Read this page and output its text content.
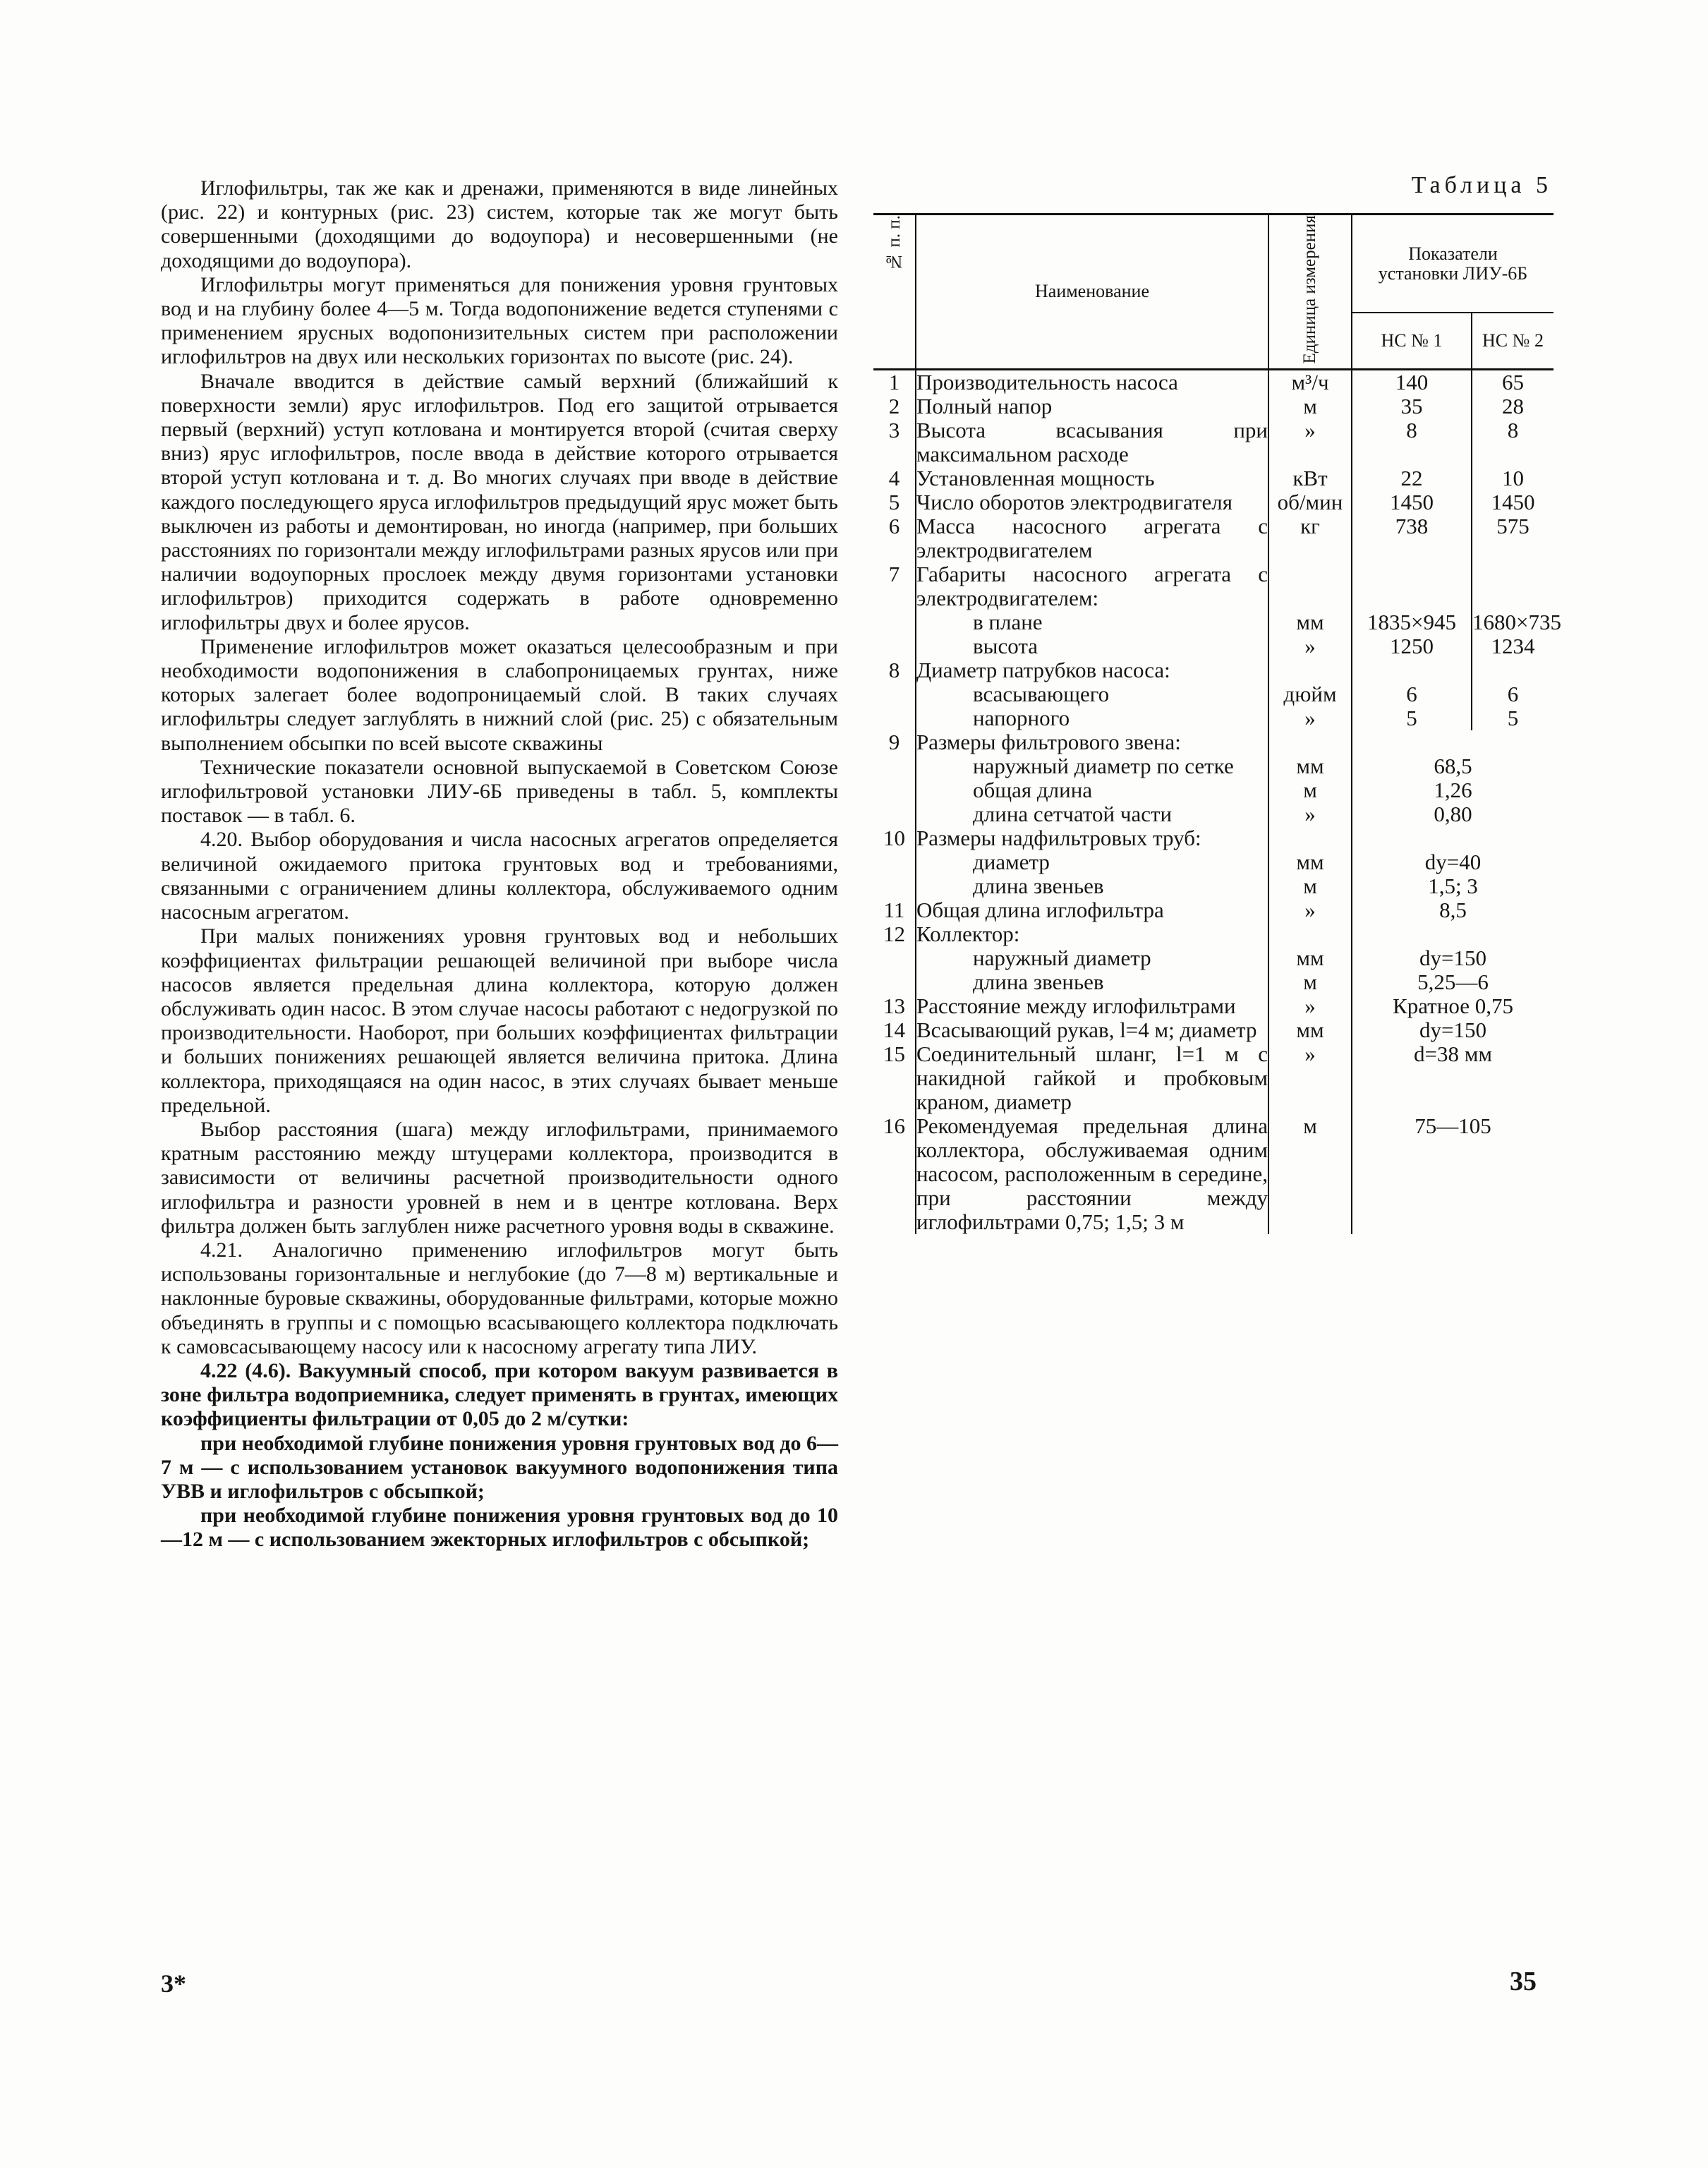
Иглофильтры, так же как и дренажи, применяются в виде линейных (рис. 22) и контурных (рис. 23) систем, которые так же могут быть совершенными (доходящими до водоупора) и несовершенными (не доходящими до водоупора).

Иглофильтры могут применяться для понижения уровня грунтовых вод и на глубину более 4—5 м. Тогда водопонижение ведется ступенями с применением ярусных водопонизительных систем при расположении иглофильтров на двух или нескольких горизонтах по высоте (рис. 24).

Вначале вводится в действие самый верхний (ближайший к поверхности земли) ярус иглофильтров. Под его защитой отрывается первый (верхний) уступ котлована и монтируется второй (считая сверху вниз) ярус иглофильтров, после ввода в действие которого отрывается второй уступ котлована и т. д. Во многих случаях при вводе в действие каждого последующего яруса иглофильтров предыдущий ярус может быть выключен из работы и демонтирован, но иногда (например, при больших расстояниях по горизонтали между иглофильтрами разных ярусов или при наличии водоупорных прослоек между двумя горизонтами установки иглофильтров) приходится содержать в работе одновременно иглофильтры двух и более ярусов.

Применение иглофильтров может оказаться целесообразным и при необходимости водопонижения в слабопроницаемых грунтах, ниже которых залегает более водопроницаемый слой. В таких случаях иглофильтры следует заглублять в нижний слой (рис. 25) с обязательным выполнением обсыпки по всей высоте скважины

Технические показатели основной выпускаемой в Советском Союзе иглофильтровой установки ЛИУ-6Б приведены в табл. 5, комплекты поставок — в табл. 6.

4.20. Выбор оборудования и числа насосных агрегатов определяется величиной ожидаемого притока грунтовых вод и требованиями, связанными с ограничением длины коллектора, обслуживаемого одним насосным агрегатом.

При малых понижениях уровня грунтовых вод и небольших коэффициентах фильтрации решающей величиной при выборе числа насосов является предельная длина коллектора, которую должен обслуживать один насос. В этом случае насосы работают с недогрузкой по производительности. Наоборот, при больших коэффициентах фильтрации и больших понижениях решающей является величина притока. Длина коллектора, приходящаяся на один насос, в этих случаях бывает меньше предельной.

Выбор расстояния (шага) между иглофильтрами, принимаемого кратным расстоянию между штуцерами коллектора, производится в зависимости от величины расчетной производительности одного иглофильтра и разности уровней в нем и в центре котлована. Верх фильтра должен быть заглублен ниже расчетного уровня воды в скважине.

4.21. Аналогично применению иглофильтров могут быть использованы горизонтальные и неглубокие (до 7—8 м) вертикальные и наклонные буровые скважины, оборудованные фильтрами, которые можно объединять в группы и с помощью всасывающего коллектора подключать к самовсасывающему насосу или к насосному агрегату типа ЛИУ.

4.22 (4.6). Вакуумный способ, при котором вакуум развивается в зоне фильтра водоприемника, следует применять в грунтах, имеющих коэффициенты фильтрации от 0,05 до 2 м/сутки:

при необходимой глубине понижения уровня грунтовых вод до 6—7 м — с использованием установок вакуумного водопонижения типа УВВ и иглофильтров с обсыпкой;

при необходимой глубине понижения уровня грунтовых вод до 10—12 м — с использованием эжекторных иглофильтров с обсыпкой;

Таблица 5
№ п. п.	Наименование	Единица измерения	Показатели установки ЛИУ-6Б	
			НС № 1	НС № 2
1	Производительность насоса	м³/ч	140	65
2	Полный напор	м	35	28
3	Высота всасывания при максимальном расходе	»	8	8
4	Установленная мощность	кВт	22	10
5	Число оборотов электродвигателя	об/мин	1450	1450
6	Масса насосного агрегата с электродвигателем	кг	738	575
7	Габариты насосного агрегата с электродвигателем:			
	в плане	мм	1835×945	1680×735
	высота	»	1250	1234
8	Диаметр патрубков насоса:			
	всасывающего	дюйм	6	6
	напорного	»	5	5
9	Размеры фильтрового звена:			
	наружный диаметр по сетке	мм	68,5	
	общая длина	м	1,26	
	длина сетчатой части	»	0,80	
10	Размеры надфильтровых труб:			
	диаметр	мм	dy=40	
	длина звеньев	м	1,5; 3	
11	Общая длина иглофильтра	»	8,5	
12	Коллектор:			
	наружный диаметр	мм	dy=150	
	длина звеньев	м	5,25—6	
13	Расстояние между иглофильтрами	»	Кратное 0,75	
14	Всасывающий рукав, l=4 м; диаметр	мм	dy=150	
15	Соединительный шланг, l=1 м с накидной гайкой и пробковым краном, диаметр	»	d=38 мм	
16	Рекомендуемая предельная длина коллектора, обслуживаемая одним насосом, расположенным в середине, при расстоянии между иглофильтрами 0,75; 1,5; 3 м	м	75—105	
3*	35
